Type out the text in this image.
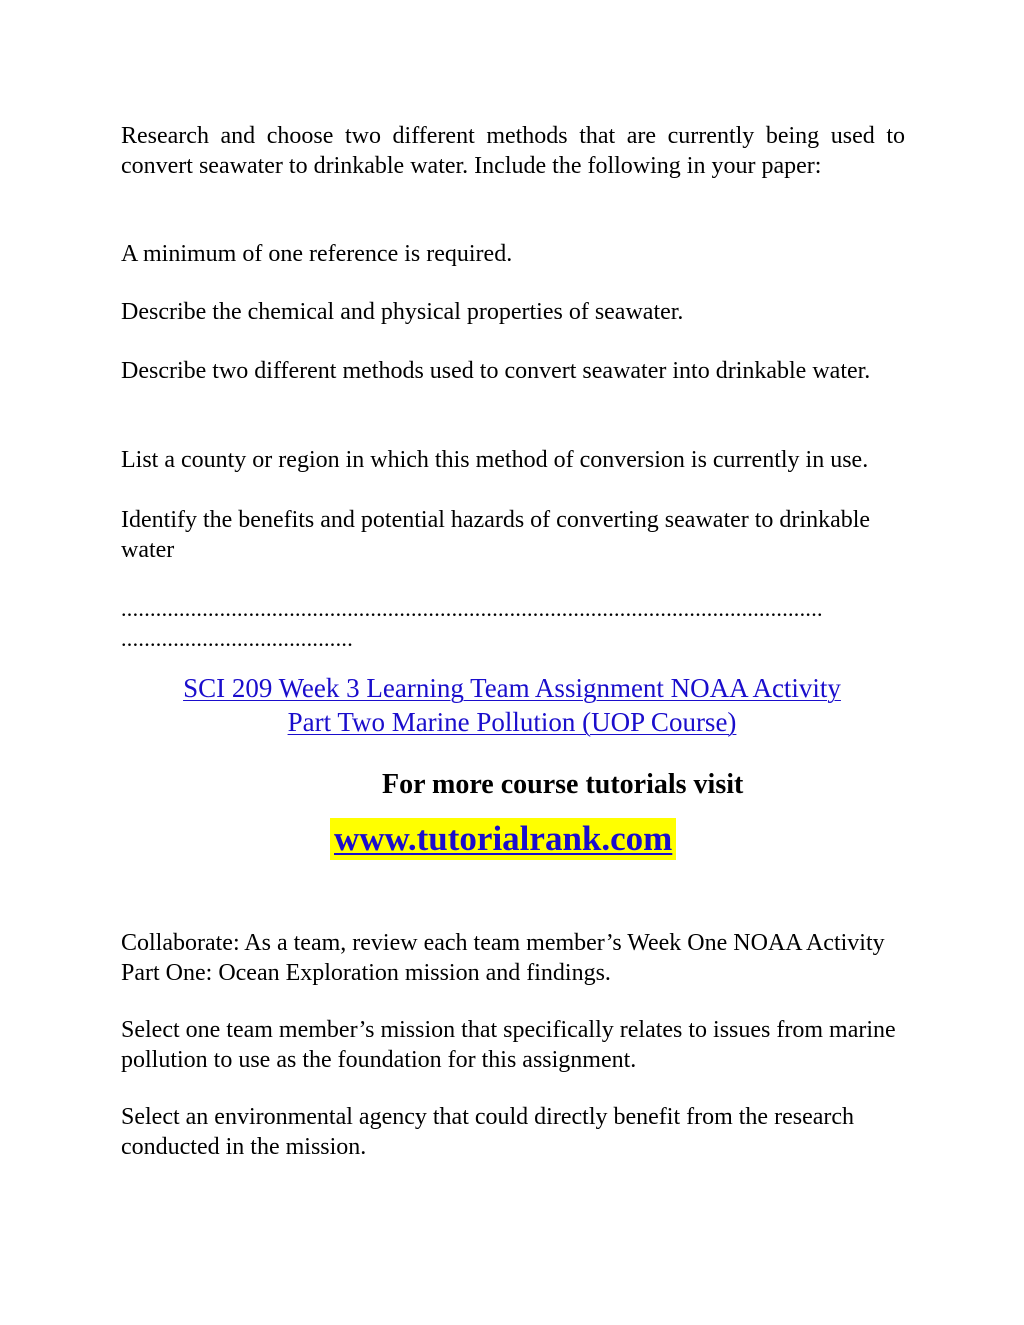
Research and choose two different methods that are currently being used to convert seawater to drinkable water. Include the following in your paper:
A minimum of one reference is required.
Describe the chemical and physical properties of seawater.
Describe two different methods used to convert seawater into drinkable water.
List a county or region in which this method of conversion is currently in use.
Identify the benefits and potential hazards of converting seawater to drinkable water
.........................................................................................................................
........................................
SCI 209 Week 3 Learning Team Assignment NOAA Activity
Part Two Marine Pollution (UOP Course)
For more course tutorials visit
www.tutorialrank.com
Collaborate: As a team, review each team member’s Week One NOAA Activity Part One: Ocean Exploration mission and findings.
Select one team member’s mission that specifically relates to issues from marine pollution to use as the foundation for this assignment.
Select an environmental agency that could directly benefit from the research conducted in the mission.
